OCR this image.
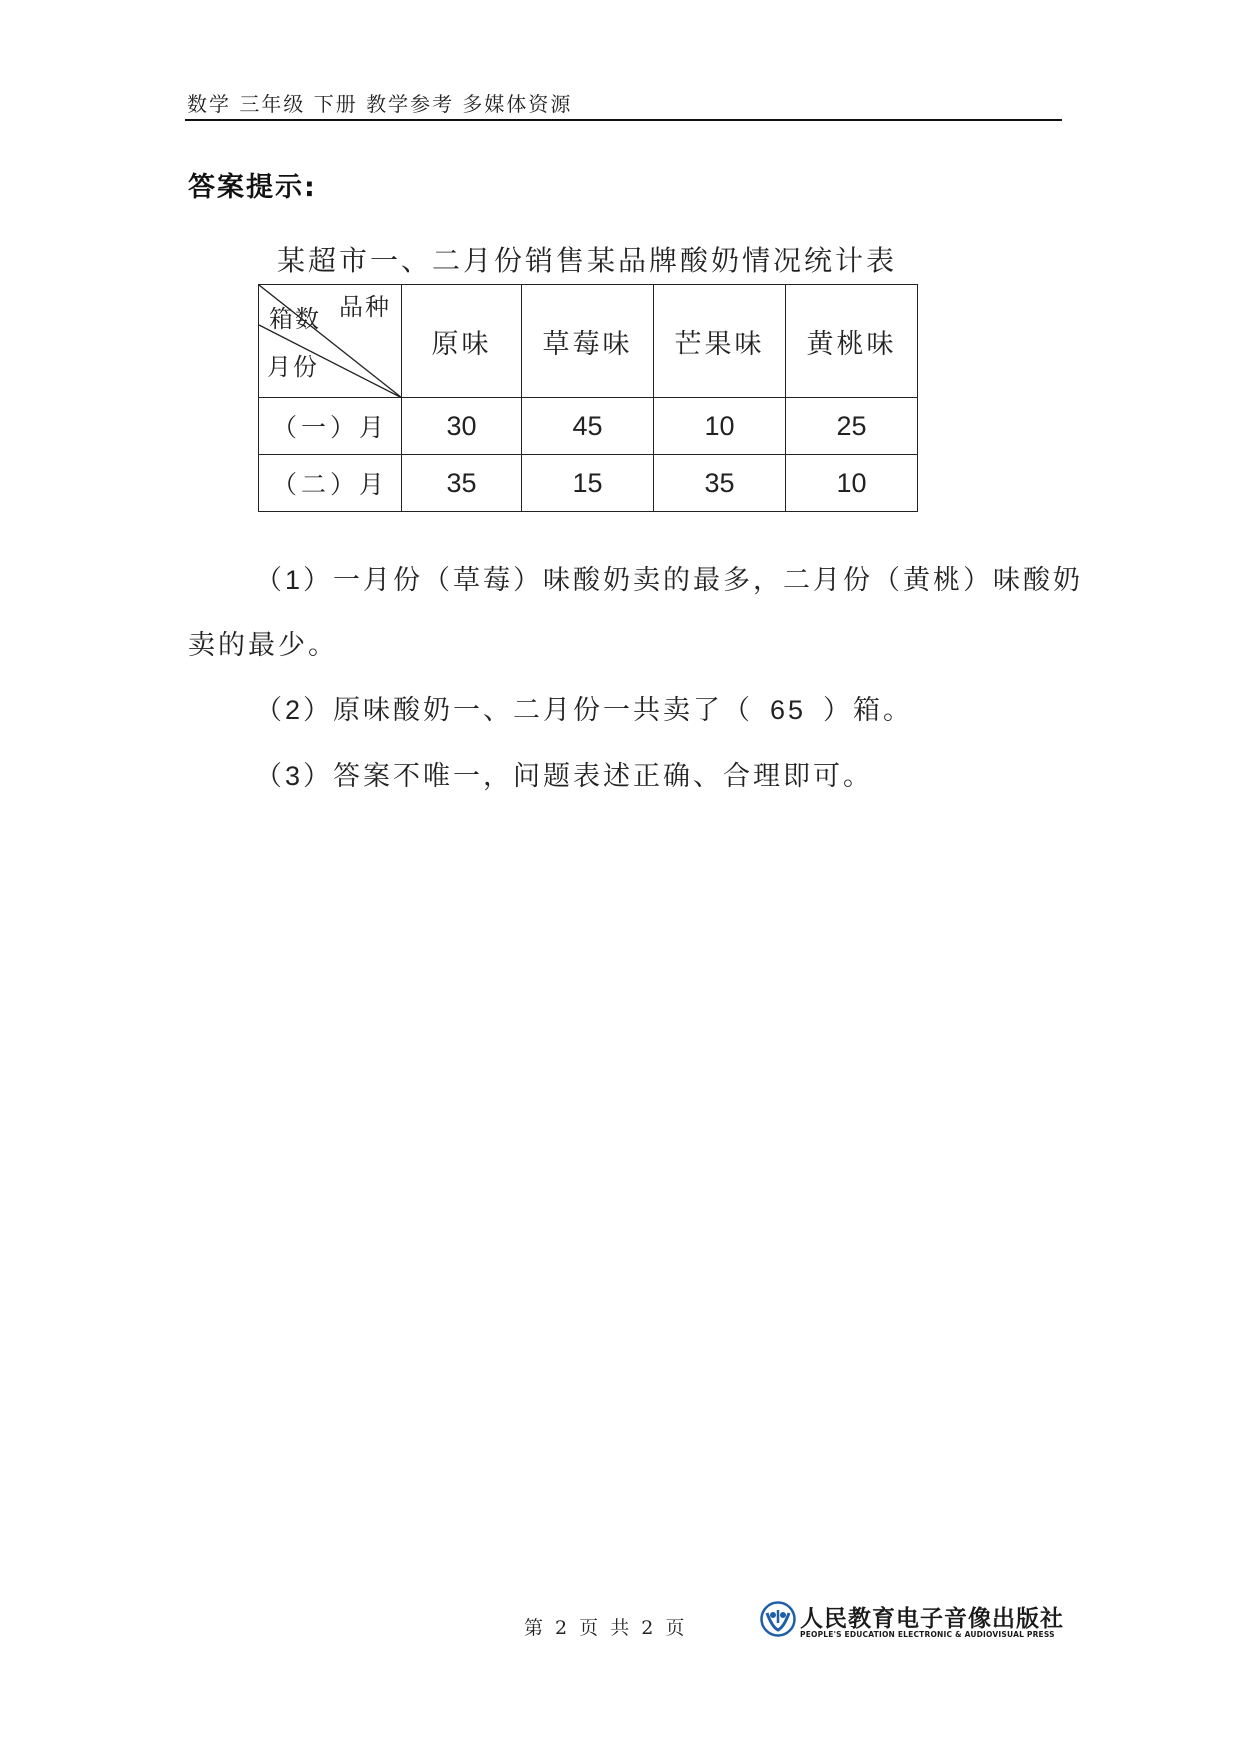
数学 三年级 下册 教学参考 多媒体资源
答案提示:
某超市一、二月份销售某品牌酸奶情况统计表
品种
箱数
月份	原味	草莓味	芒果味	黄桃味
（一）月	30	45	10	25
（二）月	35	15	35	10
（1）一月份（草莓）味酸奶卖的最多，二月份（黄桃）味酸奶
卖的最少。
（2）原味酸奶一、二月份一共卖了（ 65 ）箱。
（3）答案不唯一，问题表述正确、合理即可。
第 2 页 共 2 页	人民教育电子音像出版社
PEOPLE'S EDUCATION ELECTRONIC & AUDIOVISUAL PRESS
